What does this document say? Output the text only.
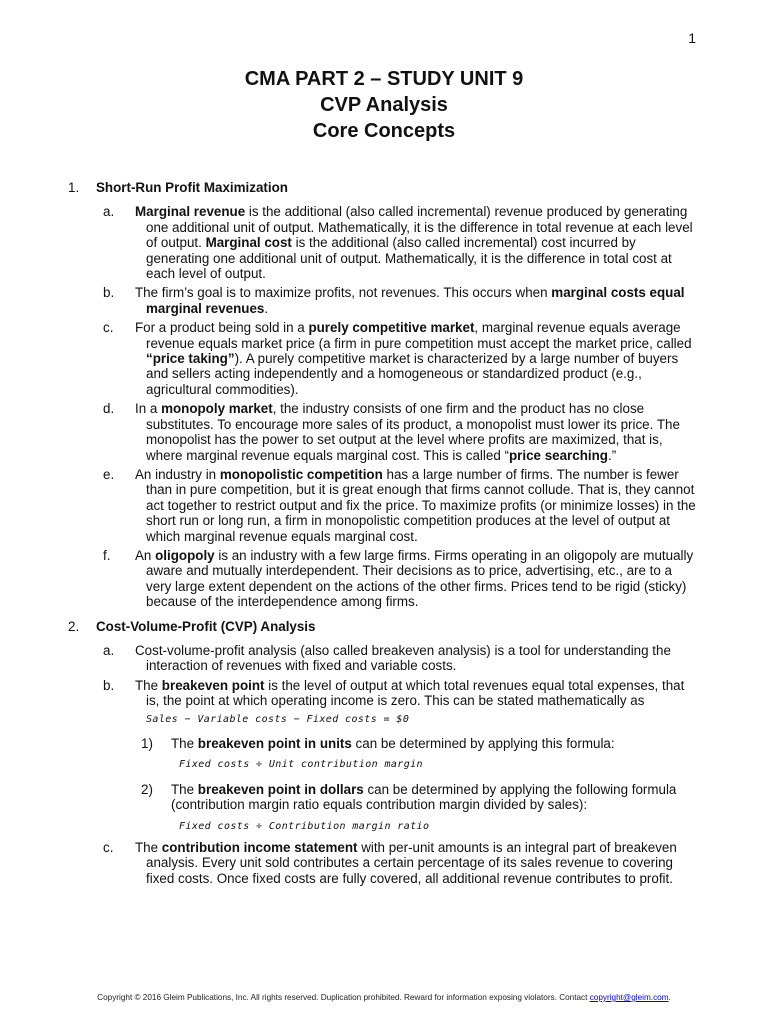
1
CMA PART 2 – STUDY UNIT 9
CVP Analysis
Core Concepts
1. Short-Run Profit Maximization
a. Marginal revenue is the additional (also called incremental) revenue produced by generating one additional unit of output. Mathematically, it is the difference in total revenue at each level of output. Marginal cost is the additional (also called incremental) cost incurred by generating one additional unit of output. Mathematically, it is the difference in total cost at each level of output.

b. The firm’s goal is to maximize profits, not revenues. This occurs when marginal costs equal marginal revenues.

c. For a product being sold in a purely competitive market, marginal revenue equals average revenue equals market price (a firm in pure competition must accept the market price, called “price taking”). A purely competitive market is characterized by a large number of buyers and sellers acting independently and a homogeneous or standardized product (e.g., agricultural commodities).

d. In a monopoly market, the industry consists of one firm and the product has no close substitutes. To encourage more sales of its product, a monopolist must lower its price. The monopolist has the power to set output at the level where profits are maximized, that is, where marginal revenue equals marginal cost. This is called “price searching.”

e. An industry in monopolistic competition has a large number of firms. The number is fewer than in pure competition, but it is great enough that firms cannot collude. That is, they cannot act together to restrict output and fix the price. To maximize profits (or minimize losses) in the short run or long run, a firm in monopolistic competition produces at the level of output at which marginal revenue equals marginal cost.

f. An oligopoly is an industry with a few large firms. Firms operating in an oligopoly are mutually aware and mutually interdependent. Their decisions as to price, advertising, etc., are to a very large extent dependent on the actions of the other firms. Prices tend to be rigid (sticky) because of the interdependence among firms.

2. Cost-Volume-Profit (CVP) Analysis
a. Cost-volume-profit analysis (also called breakeven analysis) is a tool for understanding the interaction of revenues with fixed and variable costs.

b. The breakeven point is the level of output at which total revenues equal total expenses, that is, the point at which operating income is zero. This can be stated mathematically as

Sales − Variable costs − Fixed costs = $0
1) The breakeven point in units can be determined by applying this formula:

Fixed costs ÷ Unit contribution margin
2) The breakeven point in dollars can be determined by applying the following formula (contribution margin ratio equals contribution margin divided by sales):

Fixed costs ÷ Contribution margin ratio
c. The contribution income statement with per-unit amounts is an integral part of breakeven analysis. Every unit sold contributes a certain percentage of its sales revenue to covering fixed costs. Once fixed costs are fully covered, all additional revenue contributes to profit.

Copyright © 2016 Gleim Publications, Inc. All rights reserved. Duplication prohibited. Reward for information exposing violators. Contact copyright@gleim.com.
